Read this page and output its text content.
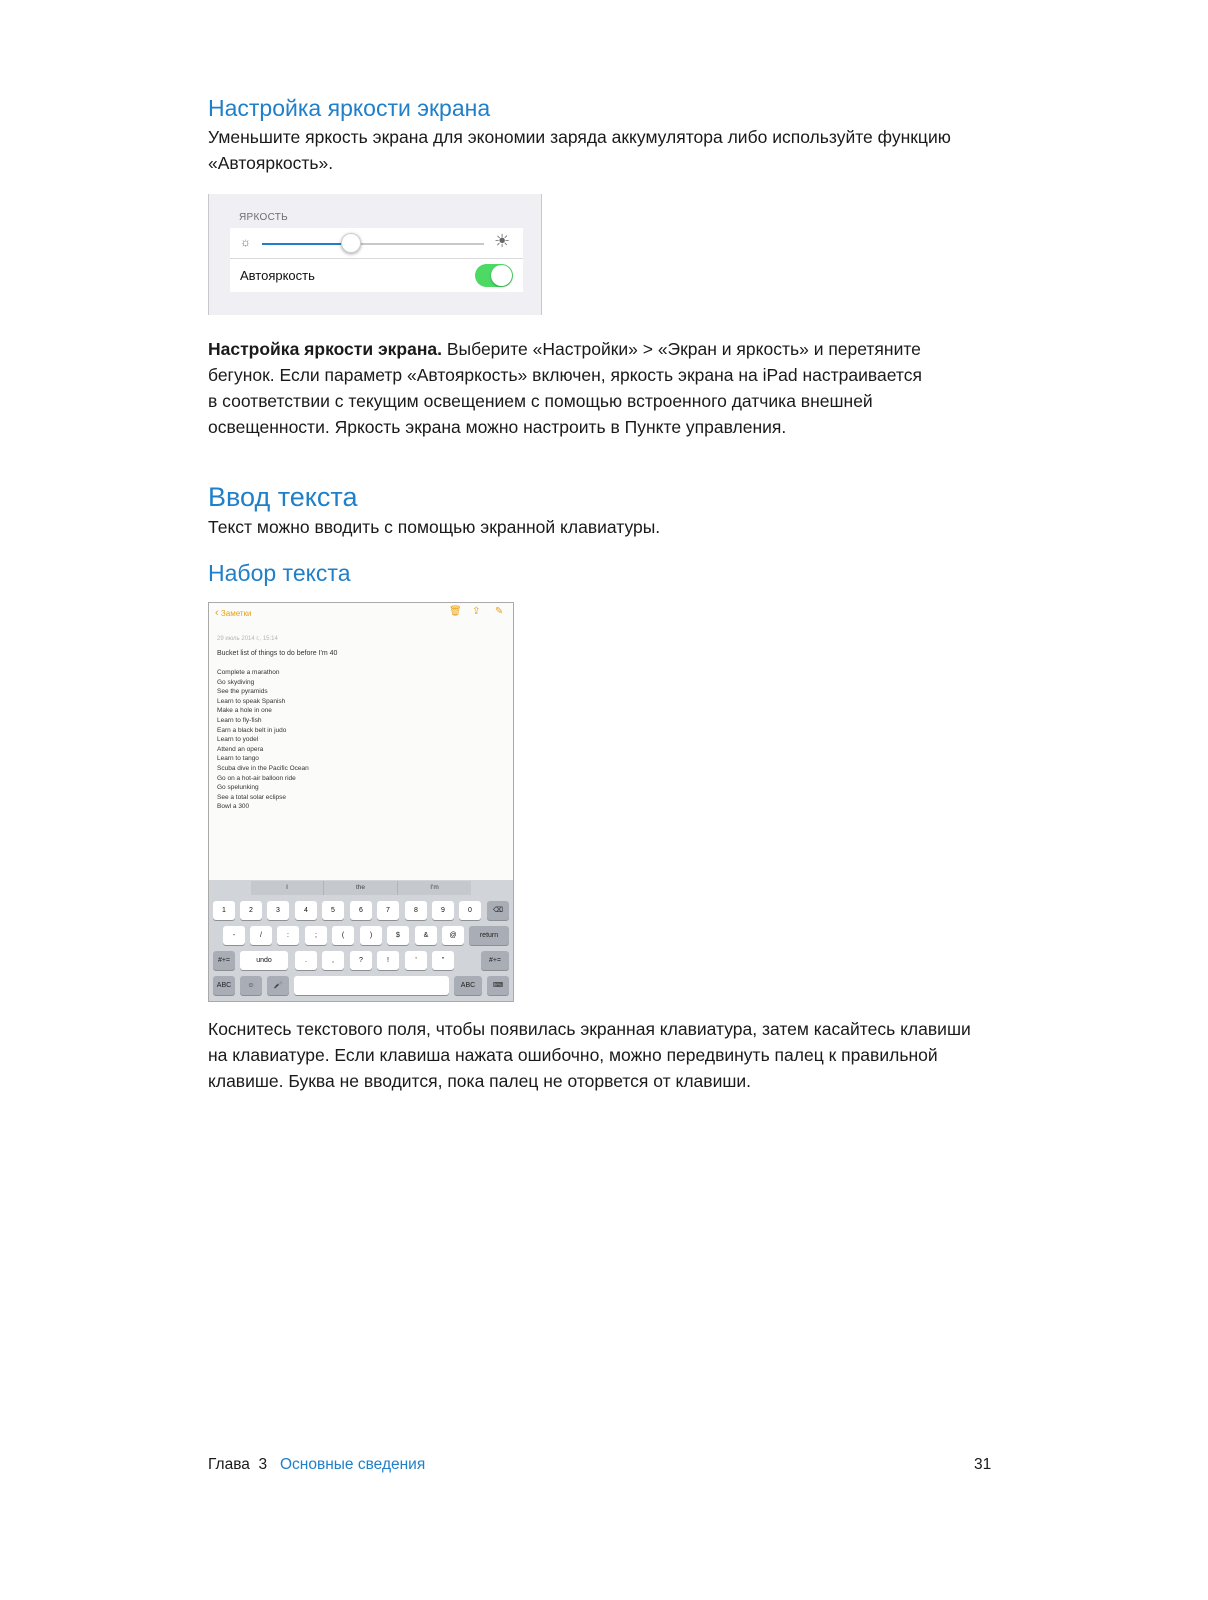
Настройка яркости экрана

Уменьшите яркость экрана для экономии заряда аккумулятора либо используйте функцию
«Автояркость».

ЯРКОСТЬ
☼	☀
Автояркость

Настройка яркости экрана. Выберите «Настройки» > «Экран и яркость» и перетяните
бегунок. Если параметр «Автояркость» включен, яркость экрана на iPad настраивается
в соответствии с текущим освещением с помощью встроенного датчика внешней
освещенности. Яркость экрана можно настроить в Пункте управления.

Ввод текста

Текст можно вводить с помощью экранной клавиатуры.

Набор текста
‹ Заметки	🗑 ⇪ ✎
29 июль 2014 г., 15:14
Bucket list of things to do before I'm 40
Complete a marathon
Go skydiving
See the pyramids
Learn to speak Spanish
Make a hole in one
Learn to fly-fish
Earn a black belt in judo
Learn to yodel
Attend an opera
Learn to tango
Scuba dive in the Pacific Ocean
Go on a hot-air balloon ride
Go spelunking
See a total solar eclipse
Bowl a 300
I	the	I'm
1	2	3	4	5	6	7	8	9	0	⌫
-	/	:	;	(	)	$	&	@	return
#+=	undo	.	,	?	!	'	"	#+=
ABC	☺	🎤	ABC	⌨

Коснитесь текстового поля, чтобы появилась экранная клавиатура, затем касайтесь клавиши
на клавиатуре. Если клавиша нажата ошибочно, можно передвинуть палец к правильной
клавише. Буква не вводится, пока палец не оторвется от клавиши.

Глава  3 Основные сведения	31
